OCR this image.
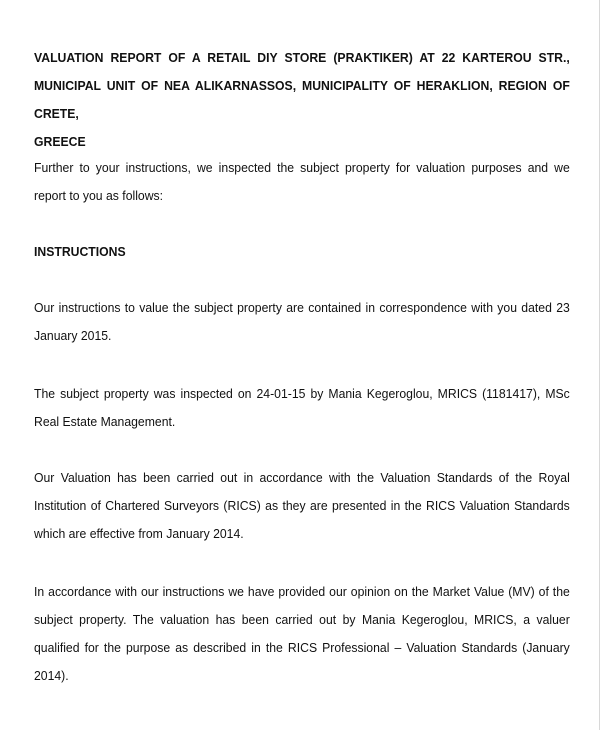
VALUATION REPORT OF A RETAIL DIY STORE (PRAKTIKER) AT 22 KARTEROU STR.,
MUNICIPAL UNIT OF NEA ALIKARNASSOS, MUNICIPALITY OF HERAKLION, REGION OF CRETE,
GREECE

Further to your instructions, we inspected the subject property for valuation purposes and we report to you as follows:

INSTRUCTIONS

Our instructions to value the subject property are contained in correspondence with you dated 23 January 2015.

The subject property was inspected on 24-01-15 by Mania Kegeroglou, MRICS (1181417), MSc Real Estate Management.

Our Valuation has been carried out in accordance with the Valuation Standards of the Royal Institution of Chartered Surveyors (RICS) as they are presented in the RICS Valuation Standards which are effective from January 2014.

In accordance with our instructions we have provided our opinion on the Market Value (MV) of the subject property. The valuation has been carried out by Mania Kegeroglou, MRICS, a valuer qualified for the purpose as described in the RICS Professional – Valuation Standards (January 2014).
